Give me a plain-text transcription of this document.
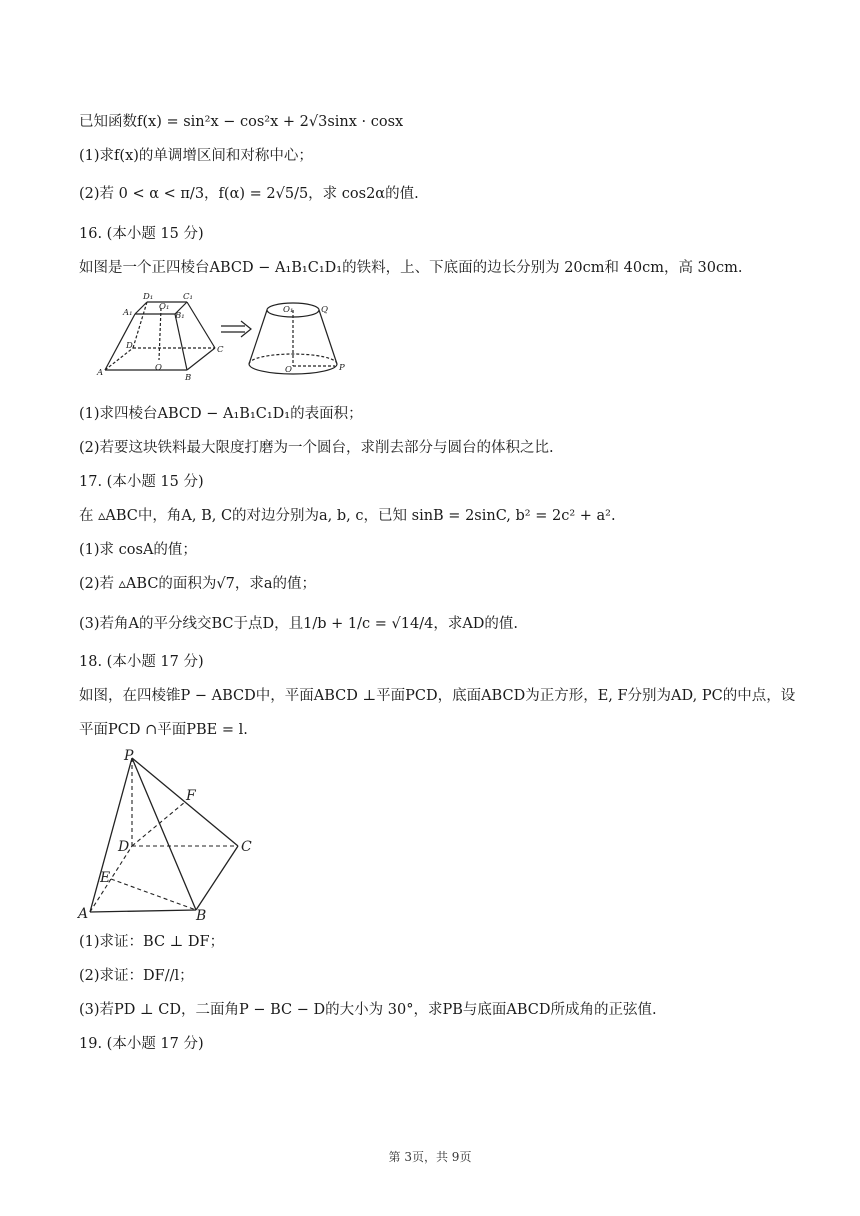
已知函数f(x) = sin²x − cos²x + 2√3sinx · cosx
(1)求f(x)的单调增区间和对称中心；
(2)若 0 < α < π/3，f(α) = 2√5/5，求 cos2α的值.
16. (本小题 15 分)
如图是一个正四棱台ABCD − A₁B₁C₁D₁的铁料，上、下底面的边长分别为 20cm和 40cm，高 30cm.
D₁	C₁
A₁
O₁
B₁
D	C
O
A	B
O₁	Q
O	P
(1)求四棱台ABCD − A₁B₁C₁D₁的表面积；
(2)若要这块铁料最大限度打磨为一个圆台，求削去部分与圆台的体积之比.
17. (本小题 15 分)
在 ▵ABC中，角A, B, C的对边分别为a, b, c，已知 sinB = 2sinC, b² = 2c² + a².
(1)求 cosA的值；
(2)若 ▵ABC的面积为√7，求a的值；
(3)若角A的平分线交BC于点D，且1/b + 1/c = √14/4，求AD的值.
18. (本小题 17 分)
如图，在四棱锥P − ABCD中，平面ABCD ⊥平面PCD，底面ABCD为正方形，E, F分别为AD, PC的中点，设
平面PCD ∩平面PBE = l.
P
F
D	C
E
A	B
(1)求证：BC ⊥ DF；
(2)求证：DF//l；
(3)若PD ⊥ CD，二面角P − BC − D的大小为 30°，求PB与底面ABCD所成角的正弦值.
19. (本小题 17 分)
第 3页，共 9页
